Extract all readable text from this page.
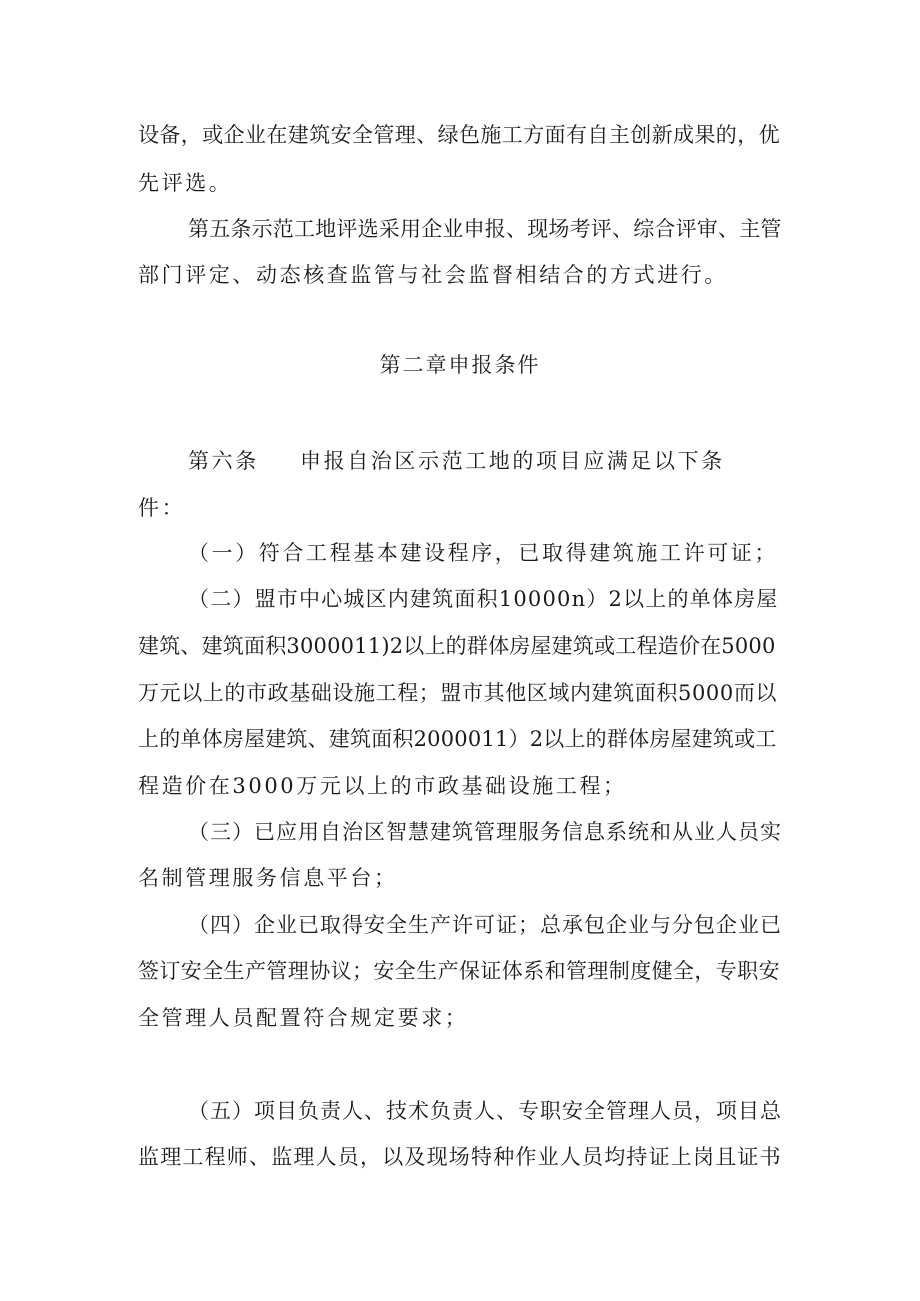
设备，或企业在建筑安全管理、绿色施工方面有自主创新成果的，优

先评选。

第五条示范工地评选采用企业申报、现场考评、综合评审、主管

部门评定、动态核查监管与社会监督相结合的方式进行。

第二章申报条件

第六条 申报自治区示范工地的项目应满足以下条

件：

（一）符合工程基本建设程序，已取得建筑施工许可证；

（二）盟市中心城区内建筑面积10000n）2以上的单体房屋

建筑、建筑面积3000011)2以上的群体房屋建筑或工程造价在5000

万元以上的市政基础设施工程；盟市其他区域内建筑面积5000而以

上的单体房屋建筑、建筑面积2000011）2以上的群体房屋建筑或工

程造价在3000万元以上的市政基础设施工程；

（三）已应用自治区智慧建筑管理服务信息系统和从业人员实

名制管理服务信息平台；

（四）企业已取得安全生产许可证；总承包企业与分包企业已

签订安全生产管理协议；安全生产保证体系和管理制度健全，专职安

全管理人员配置符合规定要求；

（五）项目负责人、技术负责人、专职安全管理人员，项目总

监理工程师、监理人员，以及现场特种作业人员均持证上岗且证书
